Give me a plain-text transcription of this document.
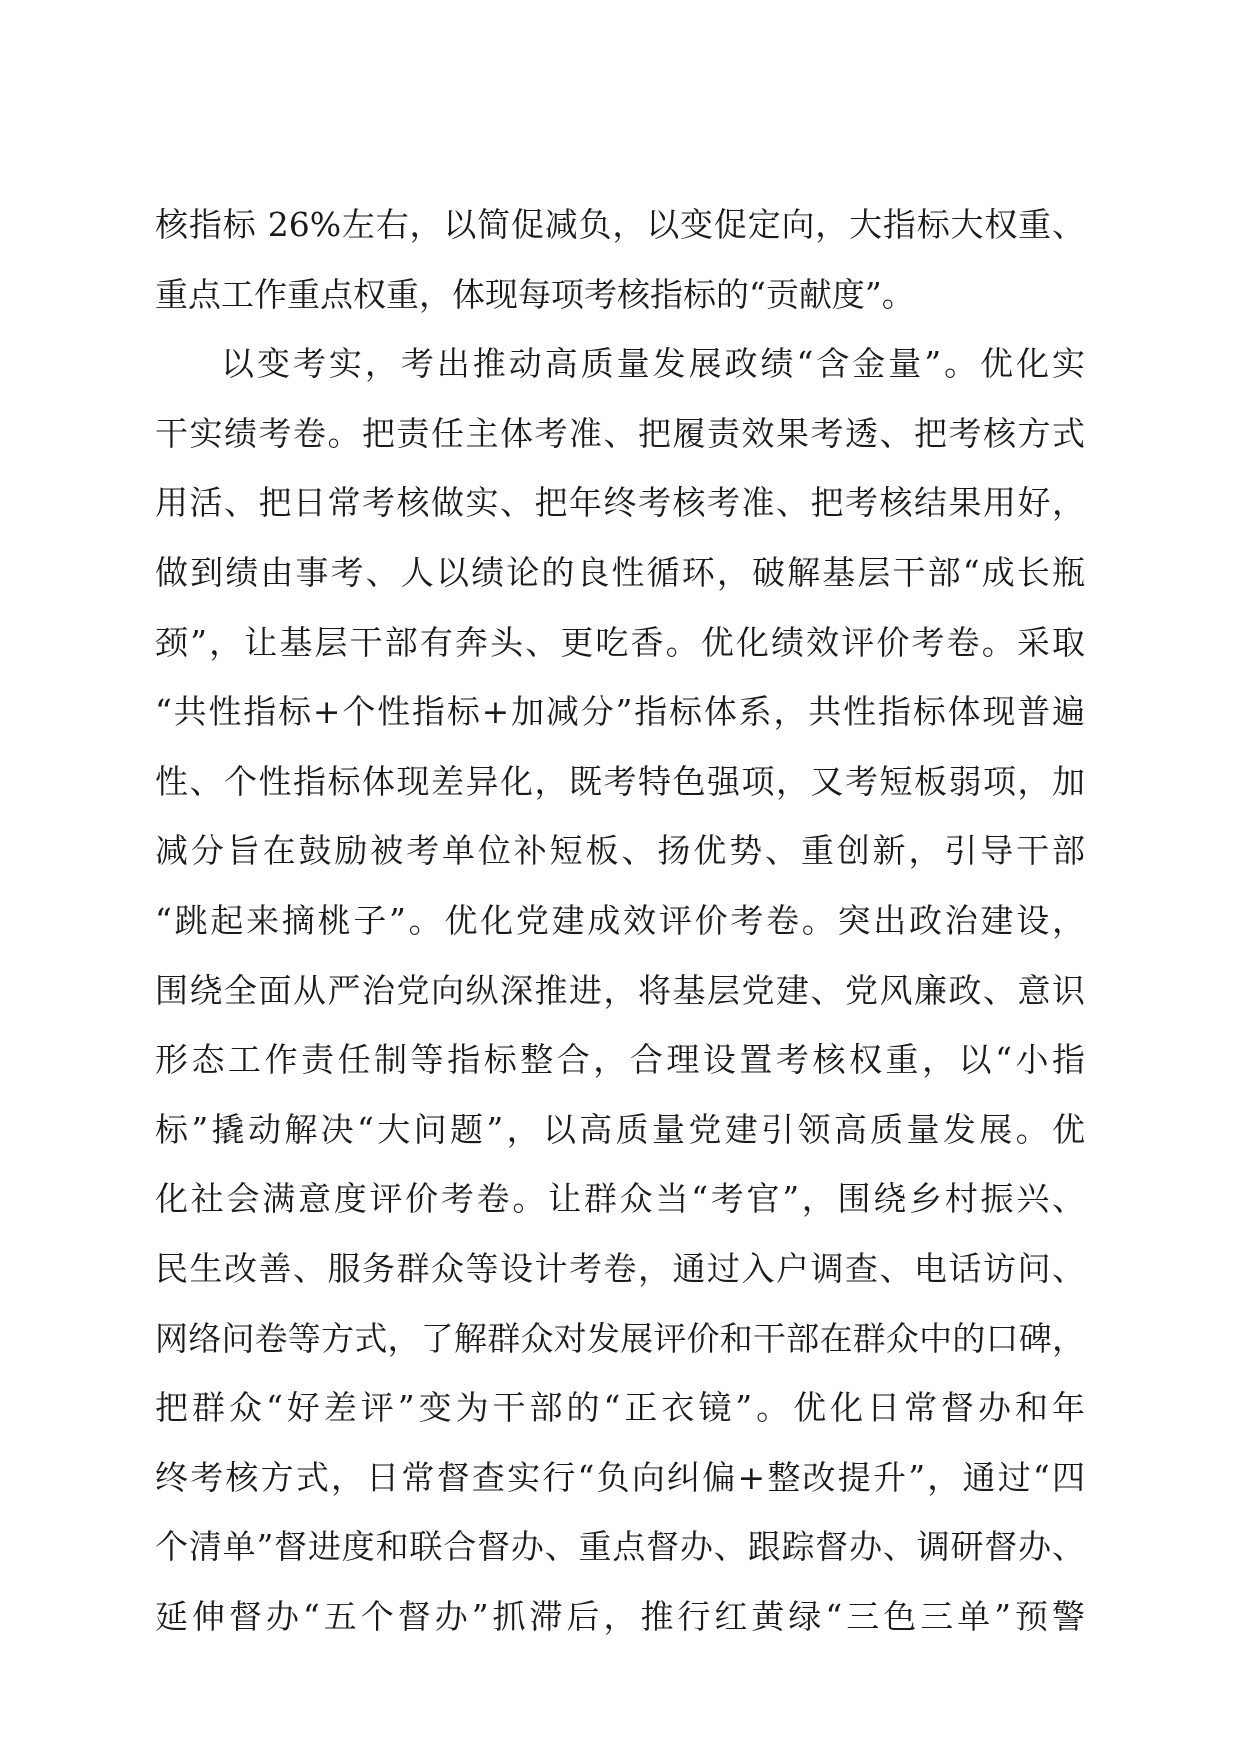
核指标 26%左右，以简促减负，以变促定向，大指标大权重、
重点工作重点权重，体现每项考核指标的“贡献度”。
以变考实，考出推动高质量发展政绩“含金量”。优化实
干实绩考卷。把责任主体考准、把履责效果考透、把考核方式
用活、把日常考核做实、把年终考核考准、把考核结果用好，
做到绩由事考、人以绩论的良性循环，破解基层干部“成长瓶
颈”，让基层干部有奔头、更吃香。优化绩效评价考卷。采取
“共性指标+个性指标+加减分”指标体系，共性指标体现普遍
性、个性指标体现差异化，既考特色强项，又考短板弱项，加
减分旨在鼓励被考单位补短板、扬优势、重创新，引导干部
“跳起来摘桃子”。优化党建成效评价考卷。突出政治建设，
围绕全面从严治党向纵深推进，将基层党建、党风廉政、意识
形态工作责任制等指标整合，合理设置考核权重，以“小指
标”撬动解决“大问题”，以高质量党建引领高质量发展。优
化社会满意度评价考卷。让群众当“考官”，围绕乡村振兴、
民生改善、服务群众等设计考卷，通过入户调查、电话访问、
网络问卷等方式，了解群众对发展评价和干部在群众中的口碑，
把群众“好差评”变为干部的“正衣镜”。优化日常督办和年
终考核方式，日常督查实行“负向纠偏+整改提升”，通过“四
个清单”督进度和联合督办、重点督办、跟踪督办、调研督办、
延伸督办“五个督办”抓滞后，推行红黄绿“三色三单”预警
